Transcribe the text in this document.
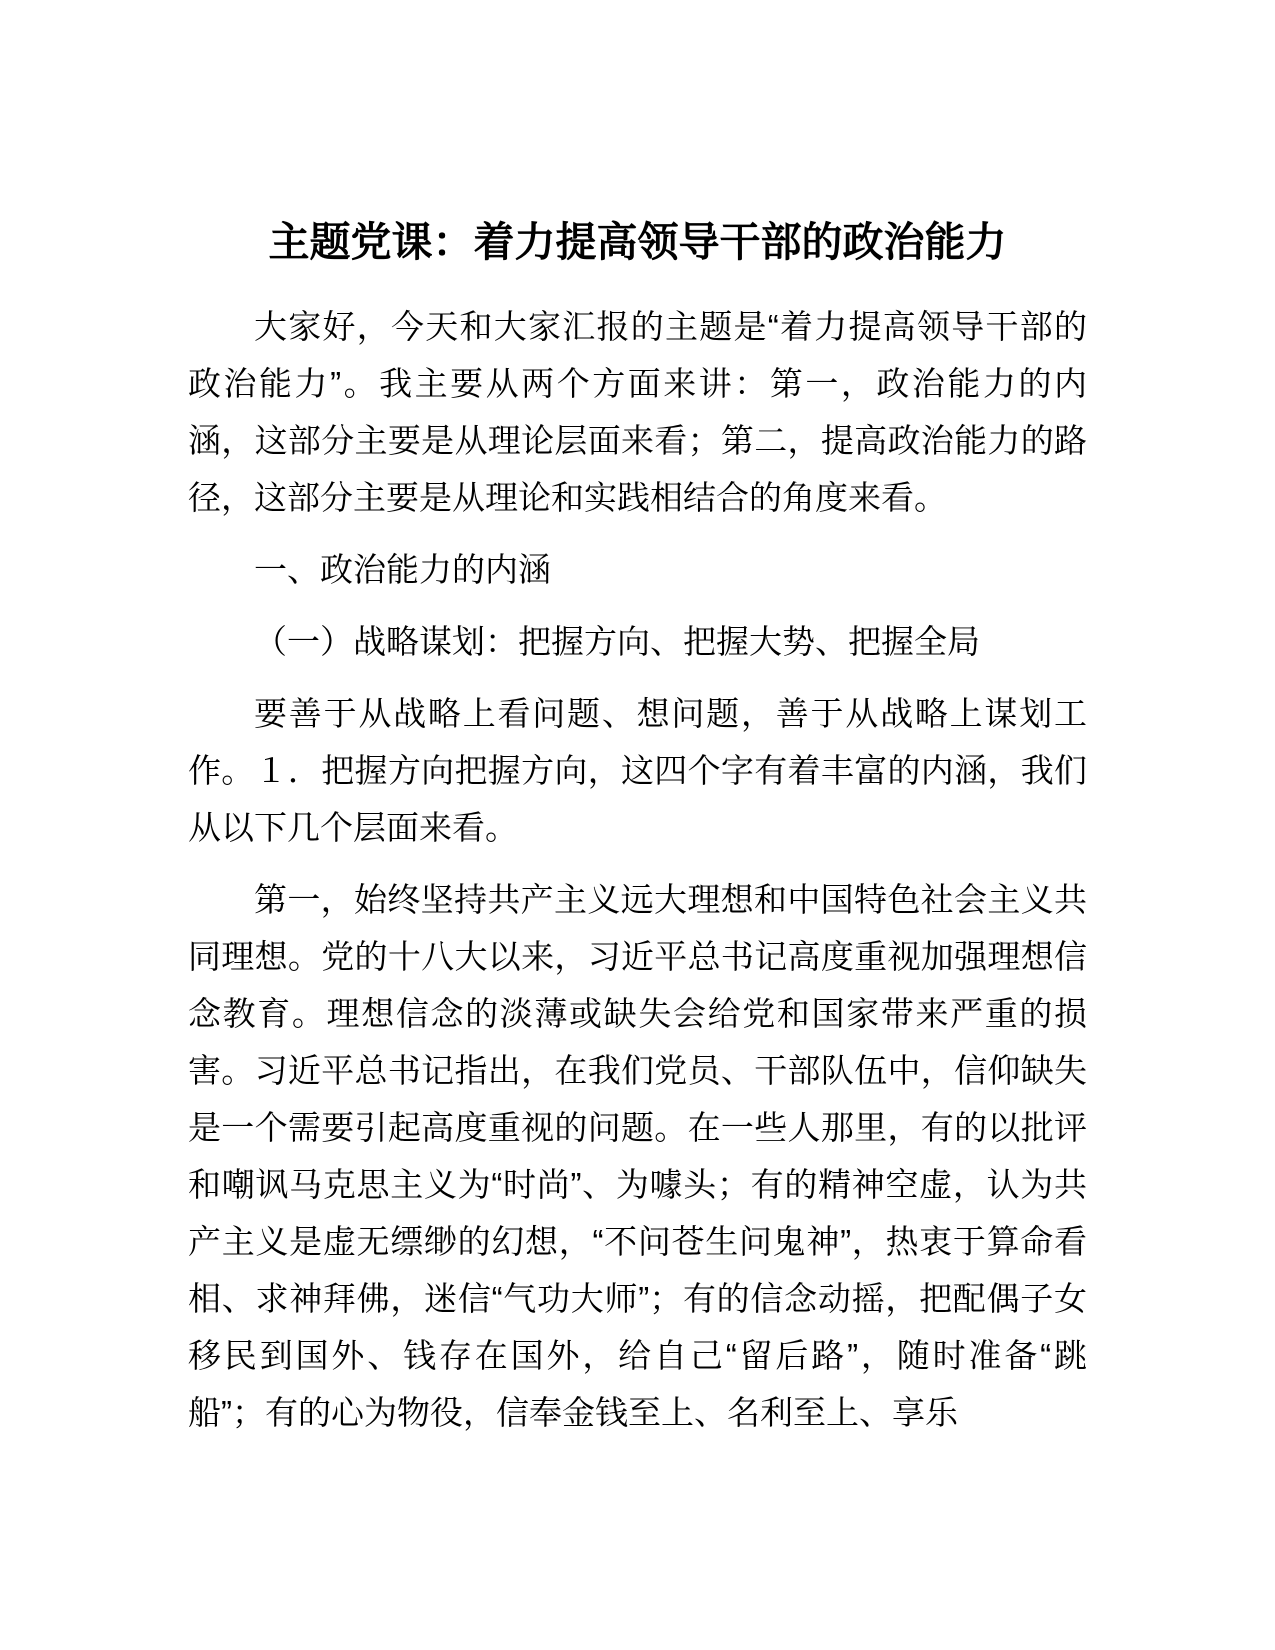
主题党课：着力提高领导干部的政治能力

大家好，今天和大家汇报的主题是“着力提高领导干部的政治能力”。我主要从两个方面来讲：第一，政治能力的内涵，这部分主要是从理论层面来看；第二，提高政治能力的路径，这部分主要是从理论和实践相结合的角度来看。

一、政治能力的内涵

（一）战略谋划：把握方向、把握大势、把握全局

要善于从战略上看问题、想问题，善于从战略上谋划工作。１．把握方向把握方向，这四个字有着丰富的内涵，我们从以下几个层面来看。

第一，始终坚持共产主义远大理想和中国特色社会主义共同理想。党的十八大以来，习近平总书记高度重视加强理想信念教育。理想信念的淡薄或缺失会给党和国家带来严重的损害。习近平总书记指出，在我们党员、干部队伍中，信仰缺失是一个需要引起高度重视的问题。在一些人那里，有的以批评和嘲讽马克思主义为“时尚”、为噱头；有的精神空虚，认为共产主义是虚无缥缈的幻想，“不问苍生问鬼神”，热衷于算命看相、求神拜佛，迷信“气功大师”；有的信念动摇，把配偶子女移民到国外、钱存在国外，给自己“留后路”，随时准备“跳船”；有的心为物役，信奉金钱至上、名利至上、享乐
